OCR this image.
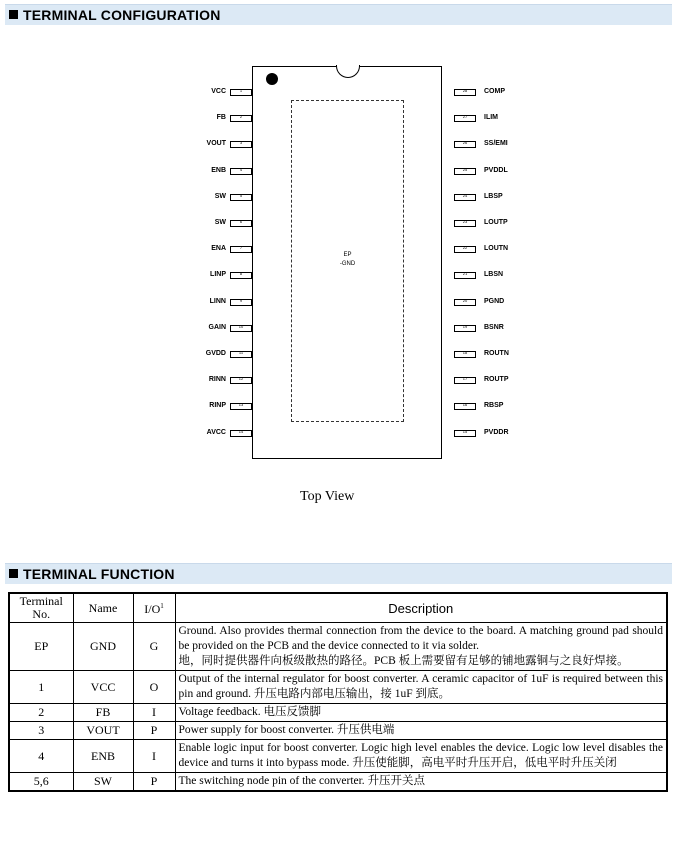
TERMINAL CONFIGURATION
EP
-GND
1
VCC
2
FB
3
VOUT
4
ENB
5
SW
6
SW
7
ENA
8
LINP
9
LINN
10
GAIN
11
GVDD
12
RINN
13
RINP
14
AVCC
28	COMP
27	ILIM
26	SS/EMI
25	PVDDL
24	LBSP
23	LOUTP
22	LOUTN
21	LBSN
20	PGND
19	BSNR
18	ROUTN
17	ROUTP
16	RBSP
15	PVDDR
Top View
TERMINAL FUNCTION
Terminal
No.	Name	$I/O^1$	Description
EP	GND	G	Ground. Also provides thermal connection from the device to the board. A matching ground pad should be provided on the PCB and the device connected to it via solder.
地，同时提供器件向板级散热的路径。PCB 板上需要留有足够的铺地露铜与之良好焊接。
1	VCC	O	Output of the internal regulator for boost converter. A ceramic capacitor of 1uF is required between this pin and ground. 升压电路内部电压输出，接 1uF 到底。
2	FB	I	Voltage feedback. 电压反馈脚
3	VOUT	P	Power supply for boost converter. 升压供电端
4	ENB	I	Enable logic input for boost converter. Logic high level enables the device. Logic low level disables the device and turns it into bypass mode. 升压使能脚，高电平时升压开启，低电平时升压关闭
5,6	SW	P	The switching node pin of the converter. 升压开关点
